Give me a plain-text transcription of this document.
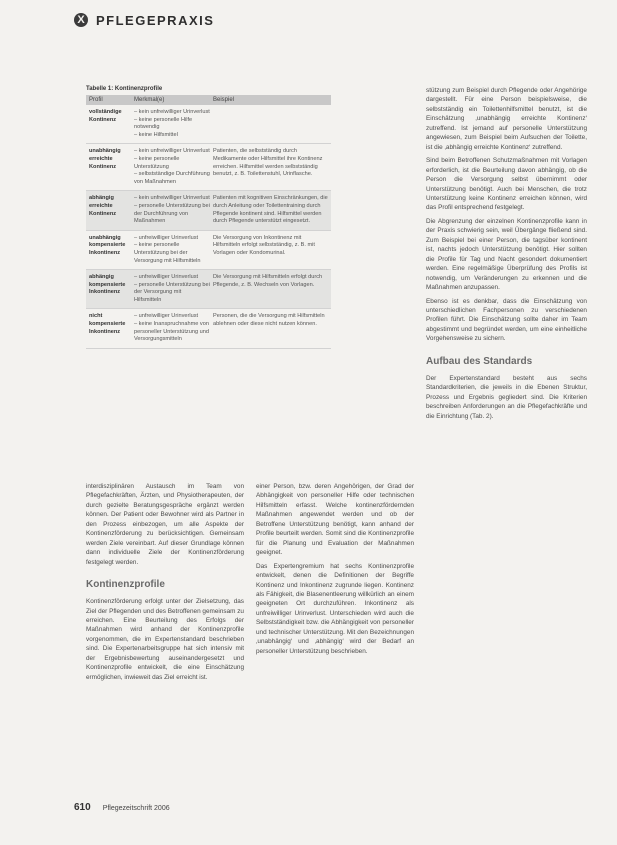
X PFLEGEPRAXIS
Tabelle 1: Kontinenzprofile
Profil	Merkmal(e)	Beispiel
vollständige Kontinenz
– kein unfreiwilliger Urinverlust
– keine personelle Hilfe notwendig
– keine Hilfsmittel
unabhängig erreichte Kontinenz
– kein unfreiwilliger Urinverlust
– keine personelle Unterstützung
– selbstständige Durchführung von Maßnahmen
Patienten, die selbstständig durch Medikamente oder Hilfsmittel ihre Kontinenz erreichen. Hilfsmittel werden selbstständig benutzt, z. B. Toilettenstuhl, Urinflasche.
abhängig erreichte Kontinenz
– kein unfreiwilliger Urinverlust
– personelle Unterstützung bei der Durchführung von Maßnahmen
Patienten mit kognitiven Einschränkungen, die durch Anleitung oder Toilettentraining durch Pflegende kontinent sind. Hilfsmittel werden durch Pflegende unterstützt eingesetzt.
unabhängig kompensierte Inkontinenz
– unfreiwilliger Urinverlust
– keine personelle Unterstützung bei der Versorgung mit Hilfsmitteln
Die Versorgung von Inkontinenz mit Hilfsmitteln erfolgt selbstständig, z. B. mit Vorlagen oder Kondomurinal.
abhängig kompensierte Inkontinenz
– unfreiwilliger Urinverlust
– personelle Unterstützung bei der Versorgung mit Hilfsmitteln
Die Versorgung mit Hilfsmitteln erfolgt durch Pflegende, z. B. Wechseln von Vorlagen.
nicht kompensierte Inkontinenz
– unfreiwilliger Urinverlust
– keine Inanspruchnahme von personeller Unterstützung und Versorgungsmitteln
Personen, die die Versorgung mit Hilfsmitteln ablehnen oder diese nicht nutzen können.

interdisziplinären Austausch im Team von Pflegefachkräften, Ärzten, und Physiotherapeuten, der durch gezielte Beratungsgespräche ergänzt werden können. Der Patient oder Bewohner wird als Partner in den Prozess einbezogen, um alle Aspekte der Kontinenzförderung zu berücksichtigen. Gemeinsam werden Ziele vereinbart. Auf dieser Grundlage können dann individuelle Ziele der Kontinenzförderung festgelegt werden.

Kontinenzprofile

Kontinenzförderung erfolgt unter der Zielsetzung, das Ziel der Pflegenden und des Betroffenen gemeinsam zu erreichen. Eine Beurteilung des Erfolgs der Maßnahmen wird anhand der Kontinenzprofile vorgenommen, die im Expertenstandard beschrieben sind. Die Expertenarbeitsgruppe hat sich intensiv mit der Ergebnisbewertung auseinandergesetzt und Kontinenzprofile entwickelt, die eine Einschätzung ermöglichen, inwieweit das Ziel erreicht ist.

einer Person, bzw. deren Angehörigen, der Grad der Abhängigkeit von personeller Hilfe oder technischen Hilfsmitteln erfasst. Welche kontinenzfördernden Maßnahmen angewendet werden und ob der Betroffene Unterstützung benötigt, kann anhand der Profile beurteilt werden. Somit sind die Kontinenzprofile für die Planung und Evaluation der Maßnahmen geeignet.

Das Expertengremium hat sechs Kontinenzprofile entwickelt, denen die Definitionen der Begriffe Kontinenz und Inkontinenz zugrunde liegen. Kontinenz als Fähigkeit, die Blasenentleerung willkürlich an einem geeigneten Ort durchzuführen. Inkontinenz als unfreiwilliger Urinverlust. Unterschieden wird auch die Selbstständigkeit bzw. die Abhängigkeit von personeller und technischer Unterstützung. Mit den Bezeichnungen ‚unabhängig‘ und ‚abhängig‘ wird der Bedarf an personeller Unterstützung beschrieben.

stützung zum Beispiel durch Pflegende oder Angehörige dargestellt. Für eine Person beispielsweise, die selbstständig ein Toilettenhilfsmittel benutzt, ist die Einschätzung ‚unabhängig erreichte Kontinenz‘ zutreffend. Ist jemand auf personelle Unterstützung angewiesen, zum Beispiel beim Aufsuchen der Toilette, ist die ‚abhängig erreichte Kontinenz‘ zutreffend.

Sind beim Betroffenen Schutzmaßnahmen mit Vorlagen erforderlich, ist die Beurteilung davon abhängig, ob die Person die Versorgung selbst übernimmt oder Unterstützung benötigt. Auch bei Menschen, die trotz Unterstützung keine Kontinenz erreichen können, wird das Profil entsprechend festgelegt.

Die Abgrenzung der einzelnen Kontinenzprofile kann in der Praxis schwierig sein, weil Übergänge fließend sind. Zum Beispiel bei einer Person, die tagsüber kontinent ist, nachts jedoch Unterstützung benötigt. Hier sollten die Profile für Tag und Nacht gesondert dokumentiert werden. Eine regelmäßige Überprüfung des Profils ist notwendig, um Veränderungen zu erkennen und die Maßnahmen anzupassen.

Ebenso ist es denkbar, dass die Einschätzung von unterschiedlichen Fachpersonen zu verschiedenen Profilen führt. Die Einschätzung sollte daher im Team abgestimmt und begründet werden, um eine einheitliche Vorgehensweise zu sichern.

Aufbau des Standards

Der Expertenstandard besteht aus sechs Standardkriterien, die jeweils in die Ebenen Struktur, Prozess und Ergebnis gegliedert sind. Die Kriterien beschreiben Anforderungen an die Pflegefachkräfte und die Einrichtung (Tab. 2).

610 Pflegezeitschrift 2006
